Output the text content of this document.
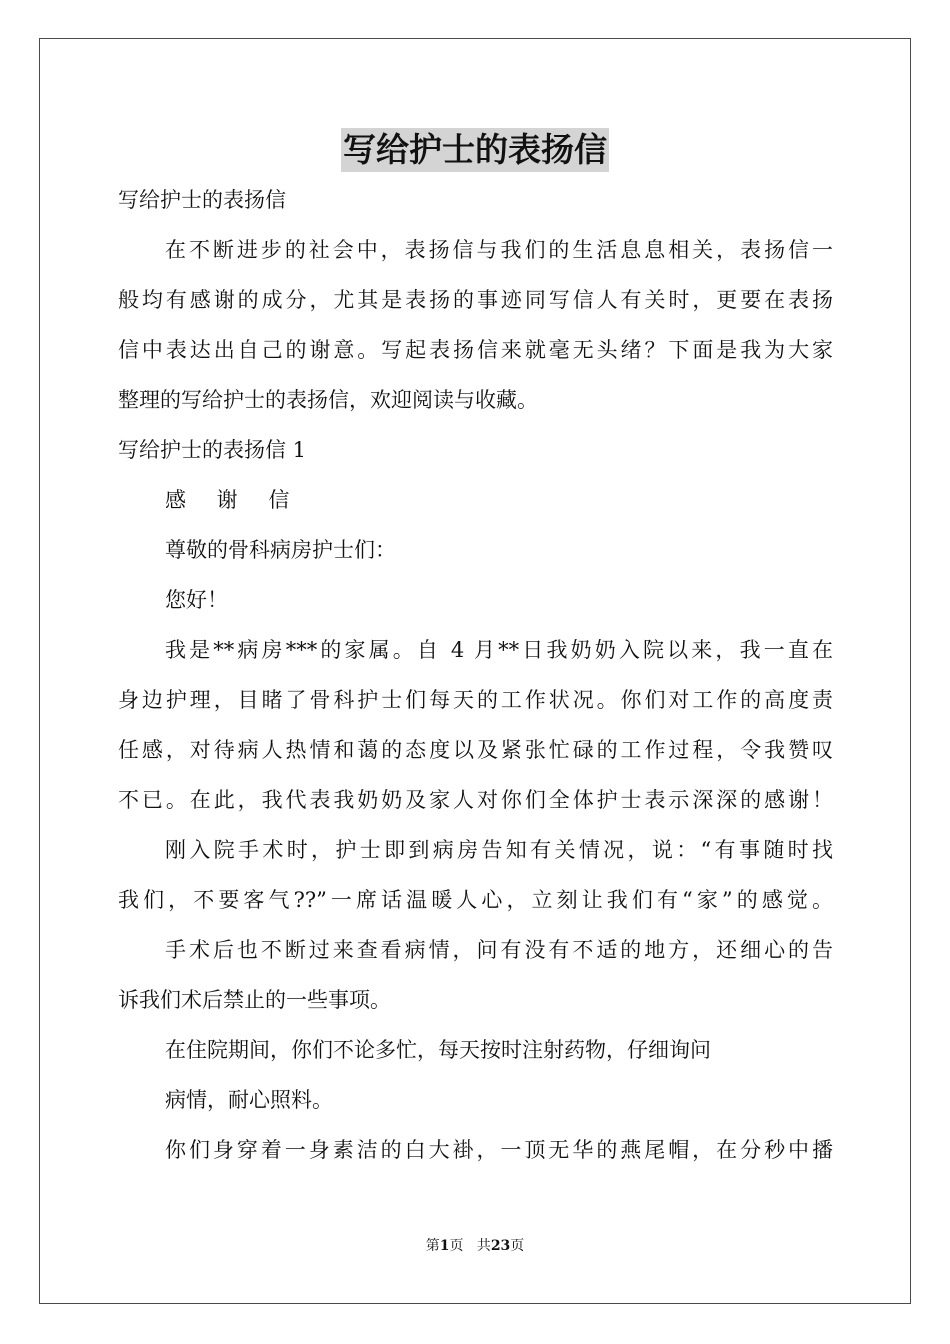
写给护士的表扬信
写给护士的表扬信
在不断进步的社会中，表扬信与我们的生活息息相关，表扬信一
般均有感谢的成分，尤其是表扬的事迹同写信人有关时，更要在表扬
信中表达出自己的谢意。写起表扬信来就毫无头绪？下面是我为大家
整理的写给护士的表扬信，欢迎阅读与收藏。
写给护士的表扬信 1
感 谢 信
尊敬的骨科病房护士们：
您好！
我是**病房***的家属。自 4 月**日我奶奶入院以来，我一直在
身边护理，目睹了骨科护士们每天的工作状况。你们对工作的高度责
任感，对待病人热情和蔼的态度以及紧张忙碌的工作过程，令我赞叹
不已。在此，我代表我奶奶及家人对你们全体护士表示深深的感谢！
刚入院手术时，护士即到病房告知有关情况，说：“有事随时找
我们，不要客气??”一席话温暖人心，立刻让我们有“家”的感觉。
手术后也不断过来查看病情，问有没有不适的地方，还细心的告
诉我们术后禁止的一些事项。
在住院期间，你们不论多忙，每天按时注射药物，仔细询问
病情，耐心照料。
你们身穿着一身素洁的白大褂，一顶无华的燕尾帽，在分秒中播
第1页 共23页
